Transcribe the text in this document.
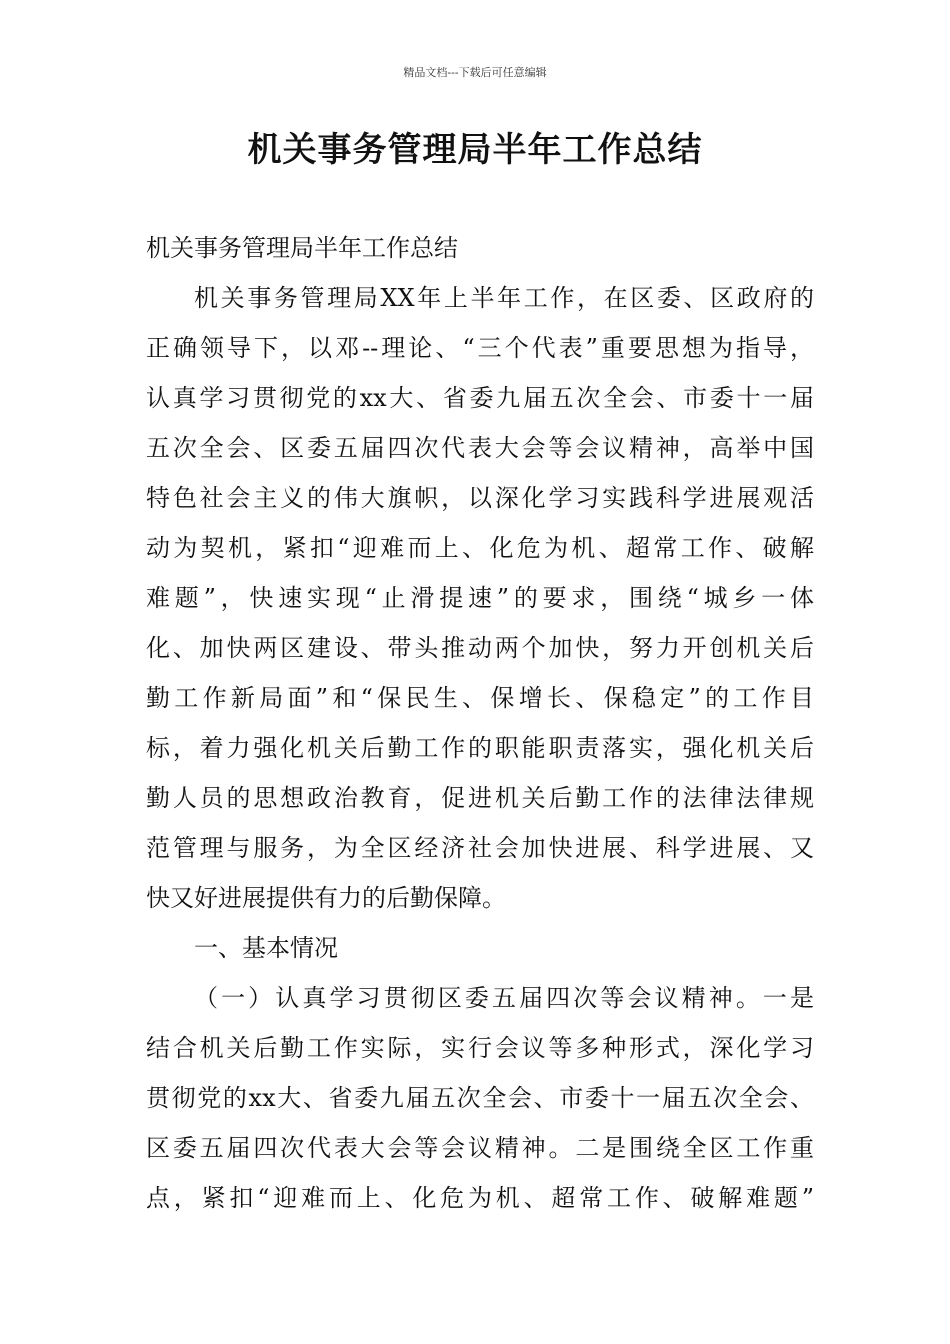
精品文档---下载后可任意编辑
机关事务管理局半年工作总结
机关事务管理局半年工作总结
机关事务管理局XX年上半年工作，在区委、区政府的
正确领导下，以邓--理论、“三个代表”重要思想为指导，
认真学习贯彻党的xx大、省委九届五次全会、市委十一届
五次全会、区委五届四次代表大会等会议精神，高举中国
特色社会主义的伟大旗帜，以深化学习实践科学进展观活
动为契机，紧扣“迎难而上、化危为机、超常工作、破解
难题”，快速实现“止滑提速”的要求，围绕“城乡一体
化、加快两区建设、带头推动两个加快，努力开创机关后
勤工作新局面”和“保民生、保增长、保稳定”的工作目
标，着力强化机关后勤工作的职能职责落实，强化机关后
勤人员的思想政治教育，促进机关后勤工作的法律法律规
范管理与服务，为全区经济社会加快进展、科学进展、又
快又好进展提供有力的后勤保障。
一、基本情况
（一）认真学习贯彻区委五届四次等会议精神。一是
结合机关后勤工作实际，实行会议等多种形式，深化学习
贯彻党的xx大、省委九届五次全会、市委十一届五次全会、
区委五届四次代表大会等会议精神。二是围绕全区工作重
点，紧扣“迎难而上、化危为机、超常工作、破解难题”
